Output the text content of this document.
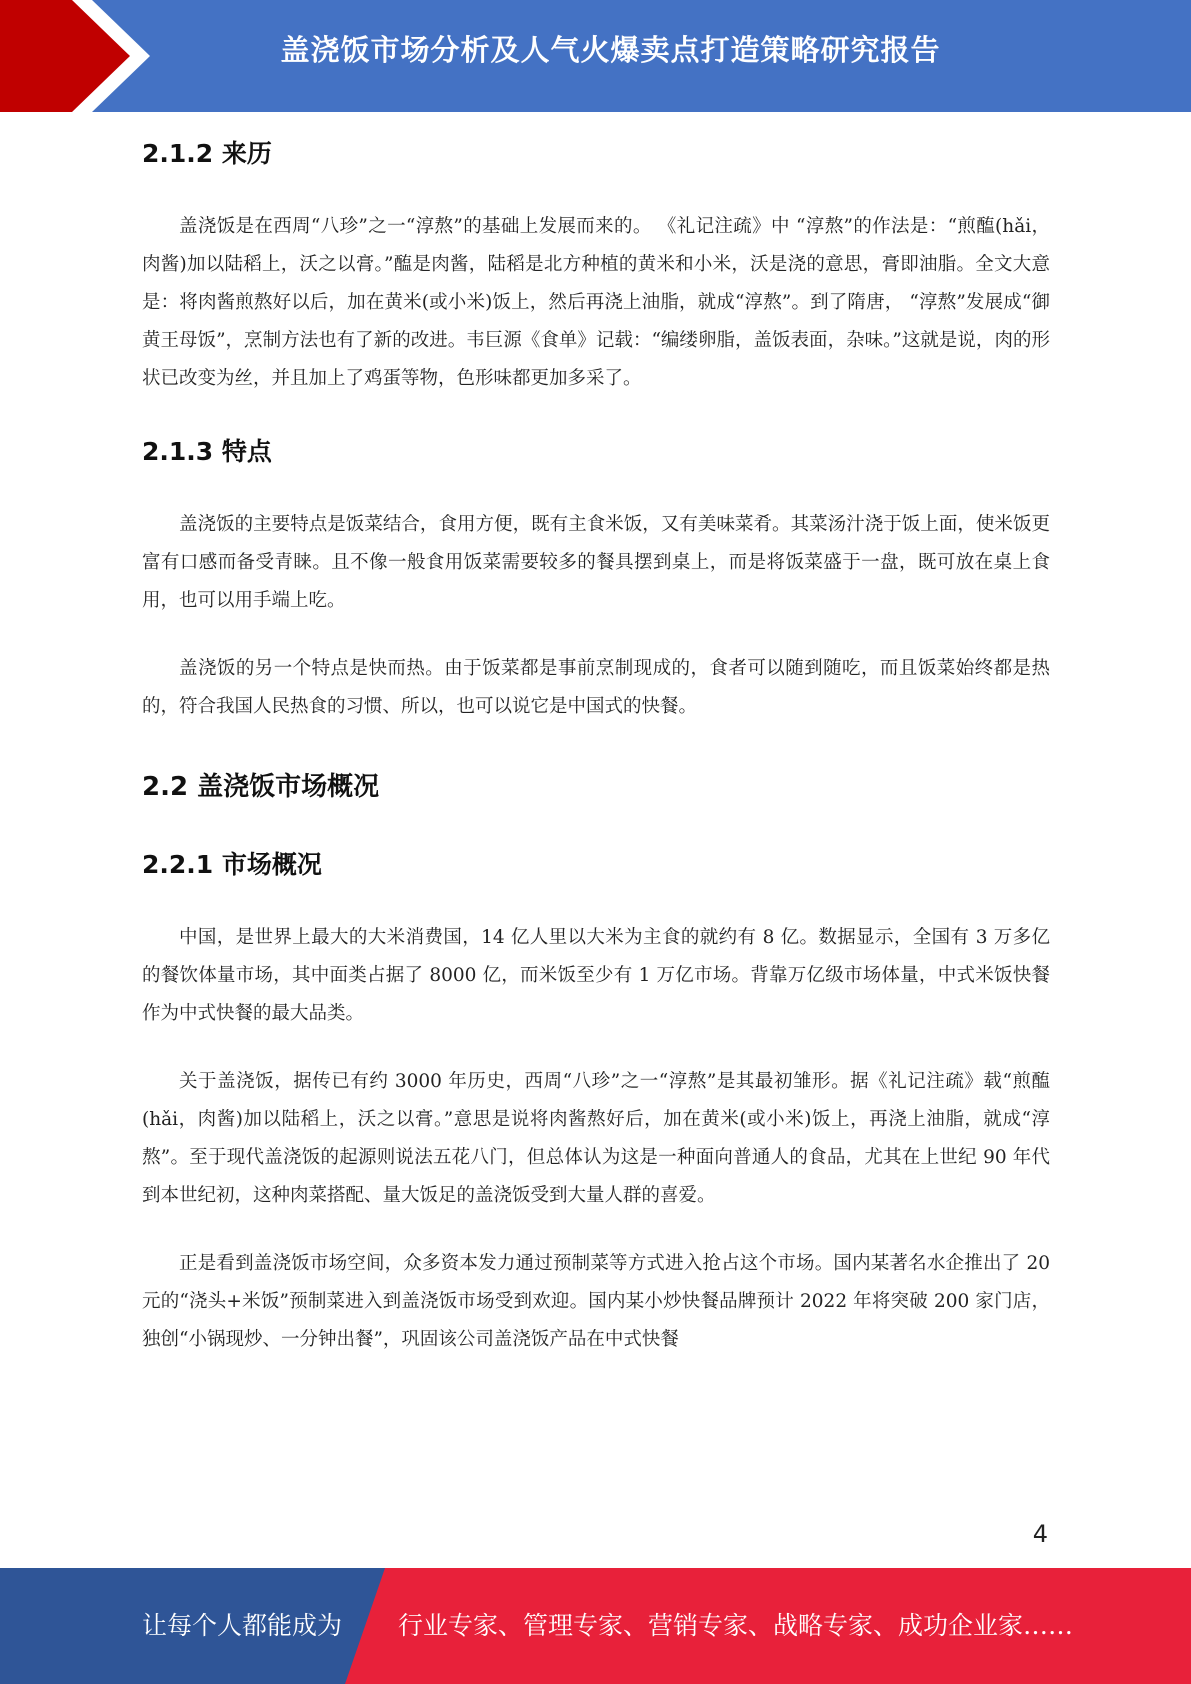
盖浇饭市场分析及人气火爆卖点打造策略研究报告
2.1.2 来历

盖浇饭是在西周“八珍”之一“淳熬”的基础上发展而来的。 《礼记注疏》中 “淳熬”的作法是：“煎醢(hǎi，肉酱)加以陆稻上，沃之以膏。”醢是肉酱，陆稻是北方种植的黄米和小米，沃是浇的意思，膏即油脂。全文大意是：将肉酱煎熬好以后，加在黄米(或小米)饭上，然后再浇上油脂，就成“淳熬”。到了隋唐， “淳熬”发展成“御黄王母饭”，烹制方法也有了新的改进。韦巨源《食单》记载：“编缕卵脂，盖饭表面，杂味。”这就是说，肉的形状已改变为丝，并且加上了鸡蛋等物，色形味都更加多采了。

2.1.3 特点

盖浇饭的主要特点是饭菜结合，食用方便，既有主食米饭，又有美味菜肴。其菜汤汁浇于饭上面，使米饭更富有口感而备受青睐。且不像一般食用饭菜需要较多的餐具摆到桌上，而是将饭菜盛于一盘，既可放在桌上食用，也可以用手端上吃。

盖浇饭的另一个特点是快而热。由于饭菜都是事前烹制现成的，食者可以随到随吃，而且饭菜始终都是热的，符合我国人民热食的习惯、所以，也可以说它是中国式的快餐。

2.2 盖浇饭市场概况
2.2.1 市场概况

中国，是世界上最大的大米消费国，14 亿人里以大米为主食的就约有 8 亿。数据显示，全国有 3 万多亿的餐饮体量市场，其中面类占据了 8000 亿，而米饭至少有 1 万亿市场。背靠万亿级市场体量，中式米饭快餐作为中式快餐的最大品类。

关于盖浇饭，据传已有约 3000 年历史，西周“八珍”之一“淳熬”是其最初雏形。据《礼记注疏》载“煎醢(hǎi，肉酱)加以陆稻上，沃之以膏。”意思是说将肉酱熬好后，加在黄米(或小米)饭上，再浇上油脂，就成“淳熬”。至于现代盖浇饭的起源则说法五花八门，但总体认为这是一种面向普通人的食品，尤其在上世纪 90 年代到本世纪初，这种肉菜搭配、量大饭足的盖浇饭受到大量人群的喜爱。

正是看到盖浇饭市场空间，众多资本发力通过预制菜等方式进入抢占这个市场。国内某著名水企推出了 20 元的“浇头+米饭”预制菜进入到盖浇饭市场受到欢迎。国内某小炒快餐品牌预计 2022 年将突破 200 家门店，独创“小锅现炒、一分钟出餐”，巩固该公司盖浇饭产品在中式快餐

4
让每个人都能成为 行业专家、管理专家、营销专家、战略专家、成功企业家……
